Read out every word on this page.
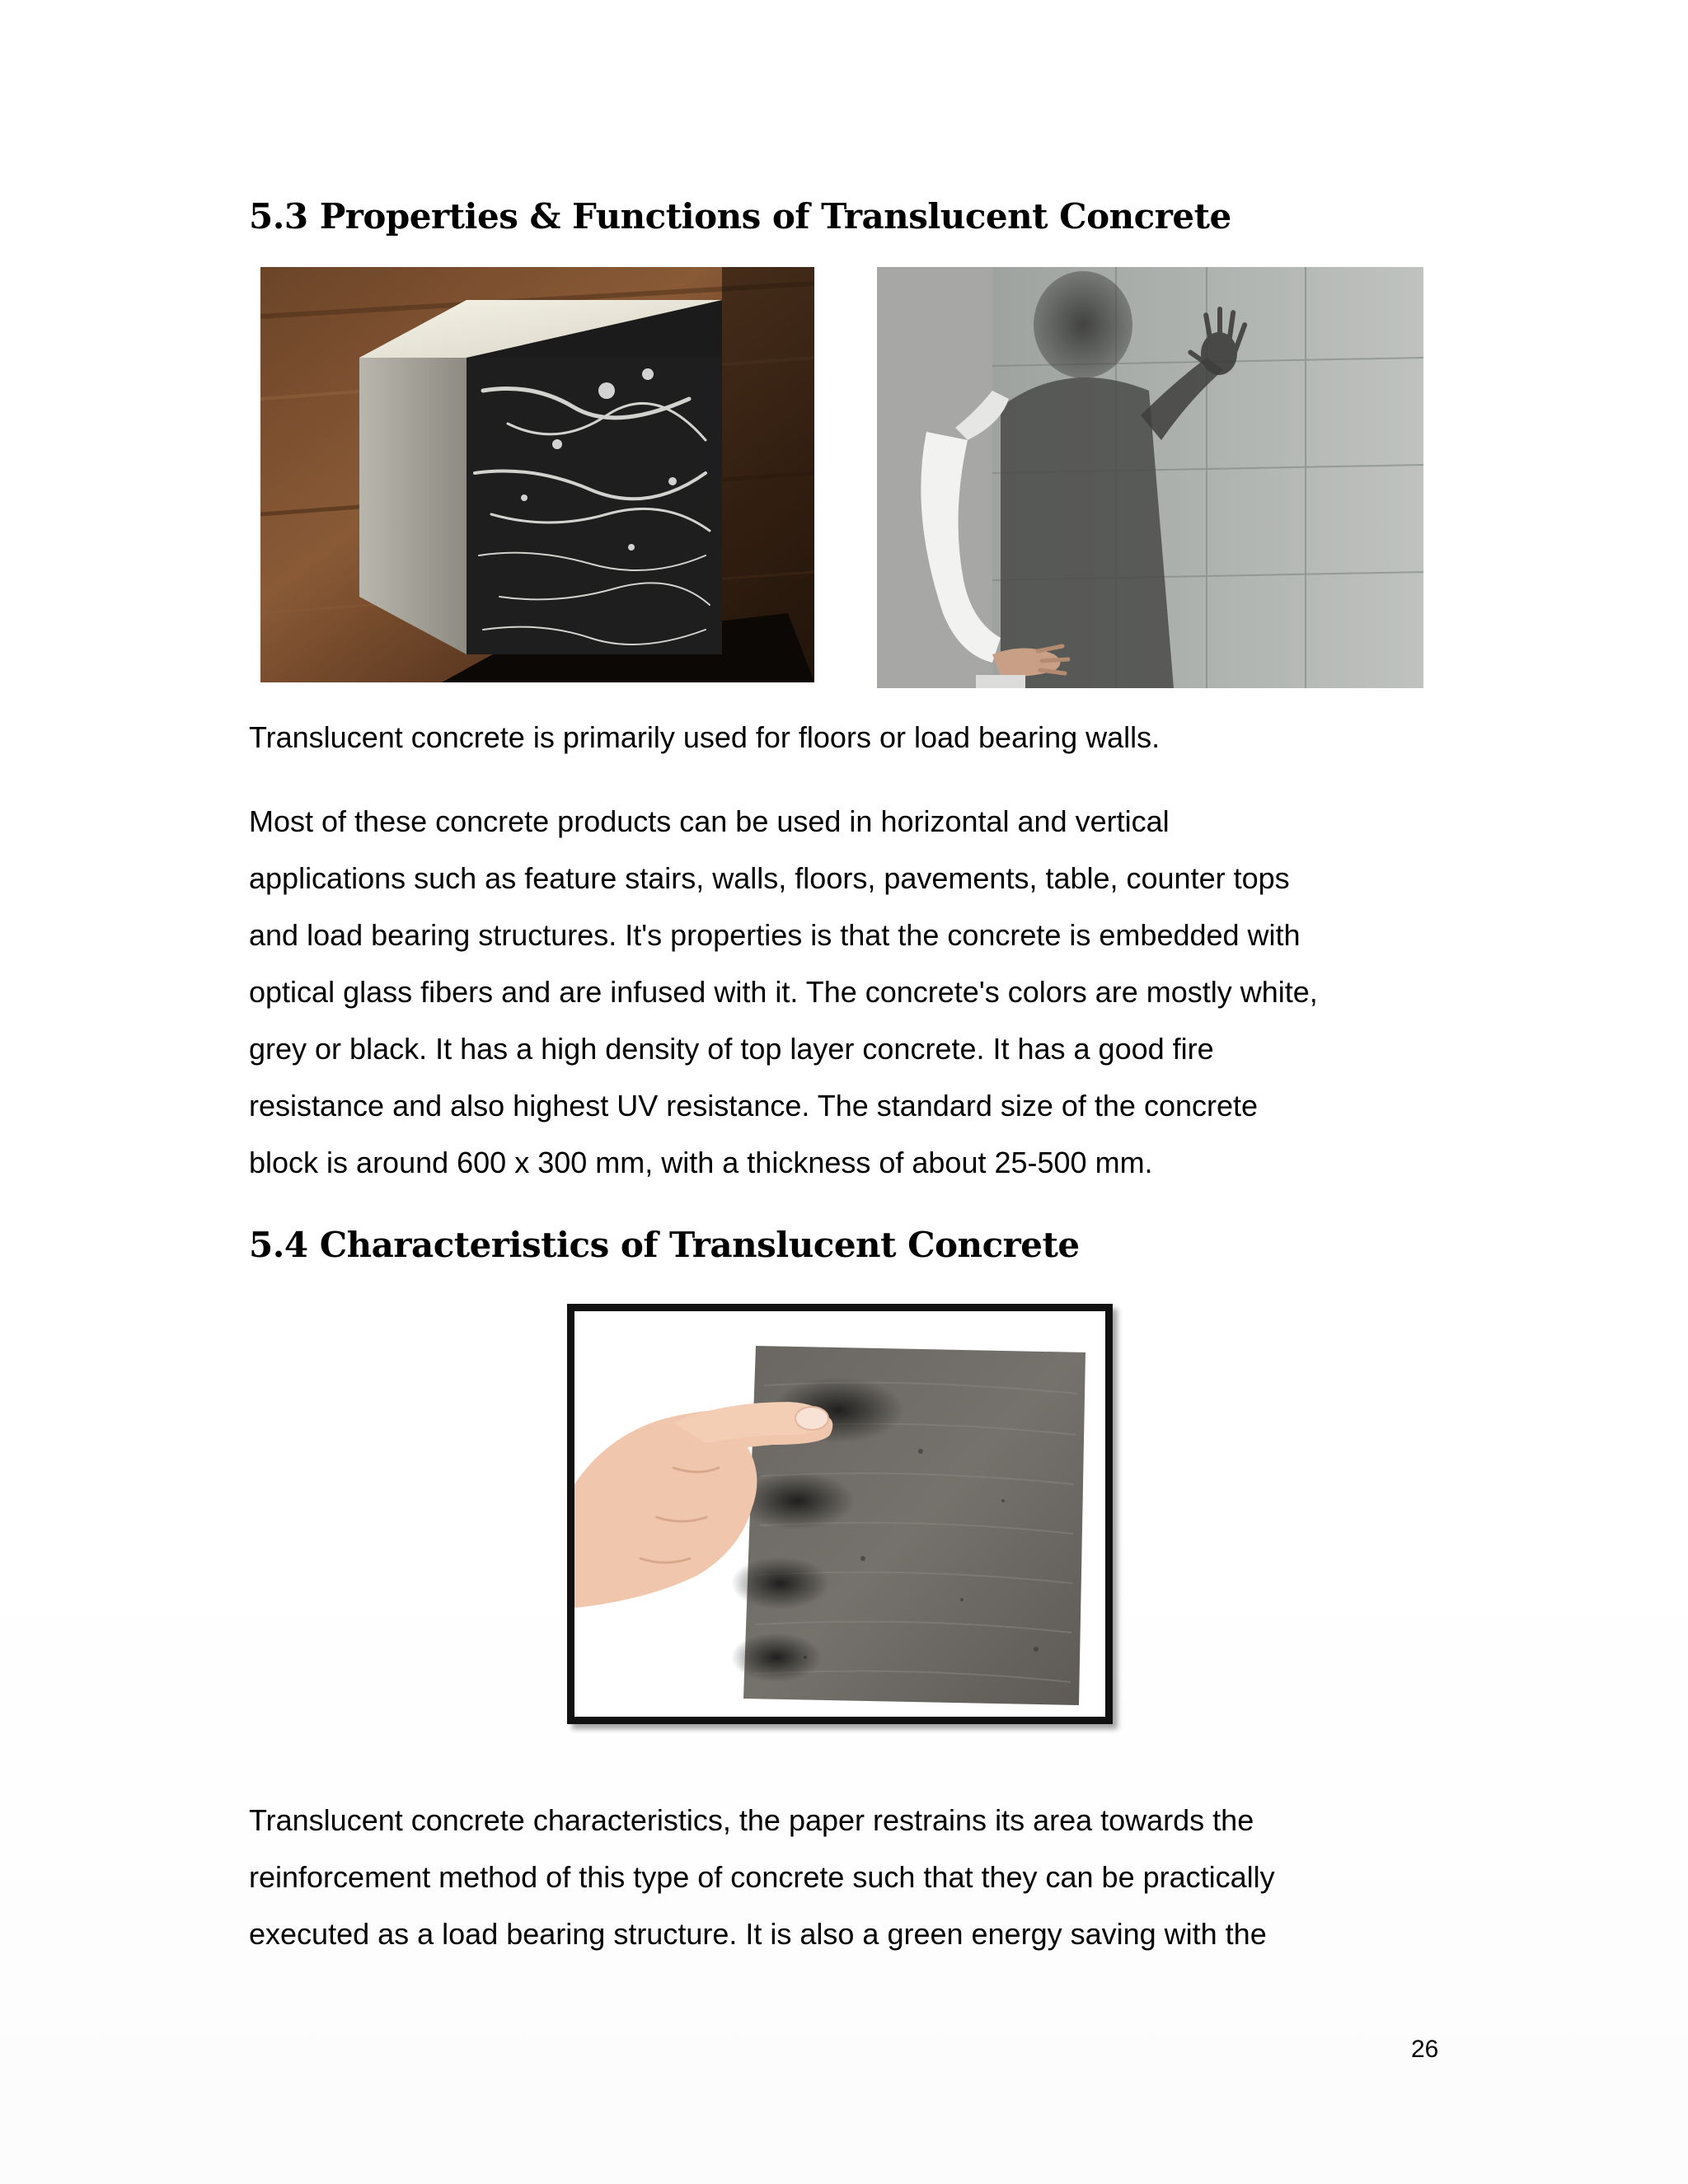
5.3 Properties & Functions of Translucent Concrete

Translucent concrete is primarily used for floors or load bearing walls.

Most of these concrete products can be used in horizontal and vertical
applications such as feature stairs, walls, floors, pavements, table, counter tops
and load bearing structures. It's properties is that the concrete is embedded with
optical glass fibers and are infused with it. The concrete's colors are mostly white,
grey or black. It has a high density of top layer concrete. It has a good fire
resistance and also highest UV resistance. The standard size of the concrete
block is around 600 x 300 mm, with a thickness of about 25-500 mm.

5.4 Characteristics of Translucent Concrete

Translucent concrete characteristics, the paper restrains its area towards the
reinforcement method of this type of concrete such that they can be practically
executed as a load bearing structure. It is also a green energy saving with the

26
